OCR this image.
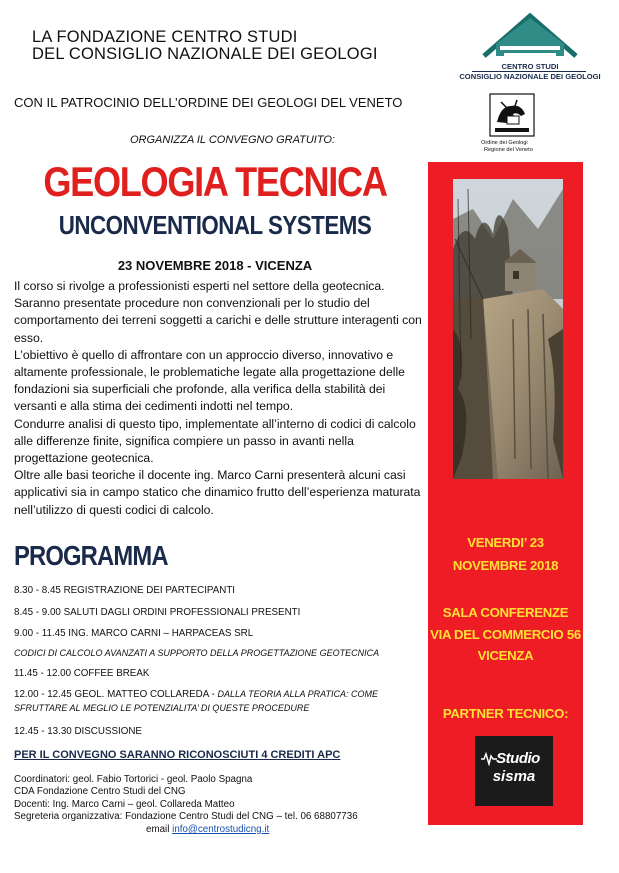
LA FONDAZIONE CENTRO STUDI
DEL CONSIGLIO NAZIONALE DEI GEOLOGI
CON IL PATROCINIO DELL’ORDINE DEI GEOLOGI DEL VENETO
ORGANIZZA IL CONVEGNO GRATUITO:
CENTRO STUDI
CONSIGLIO NAZIONALE DEI GEOLOGI
Ordine dei Geologi
Regione del Veneto
GEOLOGIA TECNICA
UNCONVENTIONAL SYSTEMS
23 NOVEMBRE 2018 - VICENZA

Il corso si rivolge a professionisti esperti nel settore della geotecnica. Saranno presentate procedure non convenzionali per lo studio del comportamento dei terreni soggetti a carichi e delle strutture interagenti con esso.

L’obiettivo è quello di affrontare con un approccio diverso, innovativo e altamente professionale, le problematiche legate alla progettazione delle fondazioni sia superficiali che profonde, alla verifica della stabilità dei versanti e alla stima dei cedimenti indotti nel tempo.

Condurre analisi di questo tipo, implementate all’interno di codici di calcolo alle differenze finite, significa compiere un passo in avanti nella progettazione geotecnica.

Oltre alle basi teoriche il docente ing. Marco Carni presenterà alcuni casi applicativi sia in campo statico che dinamico frutto dell’esperienza maturata nell’utilizzo di questi codici di calcolo.

PROGRAMMA
8.30 - 8.45 REGISTRAZIONE DEI PARTECIPANTI
8.45 - 9.00 SALUTI DAGLI ORDINI PROFESSIONALI PRESENTI
9.00 - 11.45 ING. MARCO CARNI – HARPACEAS SRL
CODICI DI CALCOLO AVANZATI A SUPPORTO DELLA PROGETTAZIONE GEOTECNICA
11.45 - 12.00 COFFEE BREAK
12.00 - 12.45 GEOL. MATTEO COLLAREDA - DALLA TEORIA ALLA PRATICA: COME
SFRUTTARE AL MEGLIO LE POTENZIALITA’ DI QUESTE PROCEDURE
12.45 - 13.30 DISCUSSIONE
PER IL CONVEGNO SARANNO RICONOSCIUTI 4 CREDITI APC
Coordinatori: geol. Fabio Tortorici - geol. Paolo Spagna
CDA Fondazione Centro Studi del CNG
Docenti: Ing. Marco Carni – geol. Collareda Matteo
Segreteria organizzativa: Fondazione Centro Studi del CNG – tel. 06 68807736
email info@centrostudicng.it
VENERDI’ 23
NOVEMBRE 2018
SALA CONFERENZE
VIA DEL COMMERCIO 56
VICENZA
PARTNER TECNICO:
Studio
sisma
